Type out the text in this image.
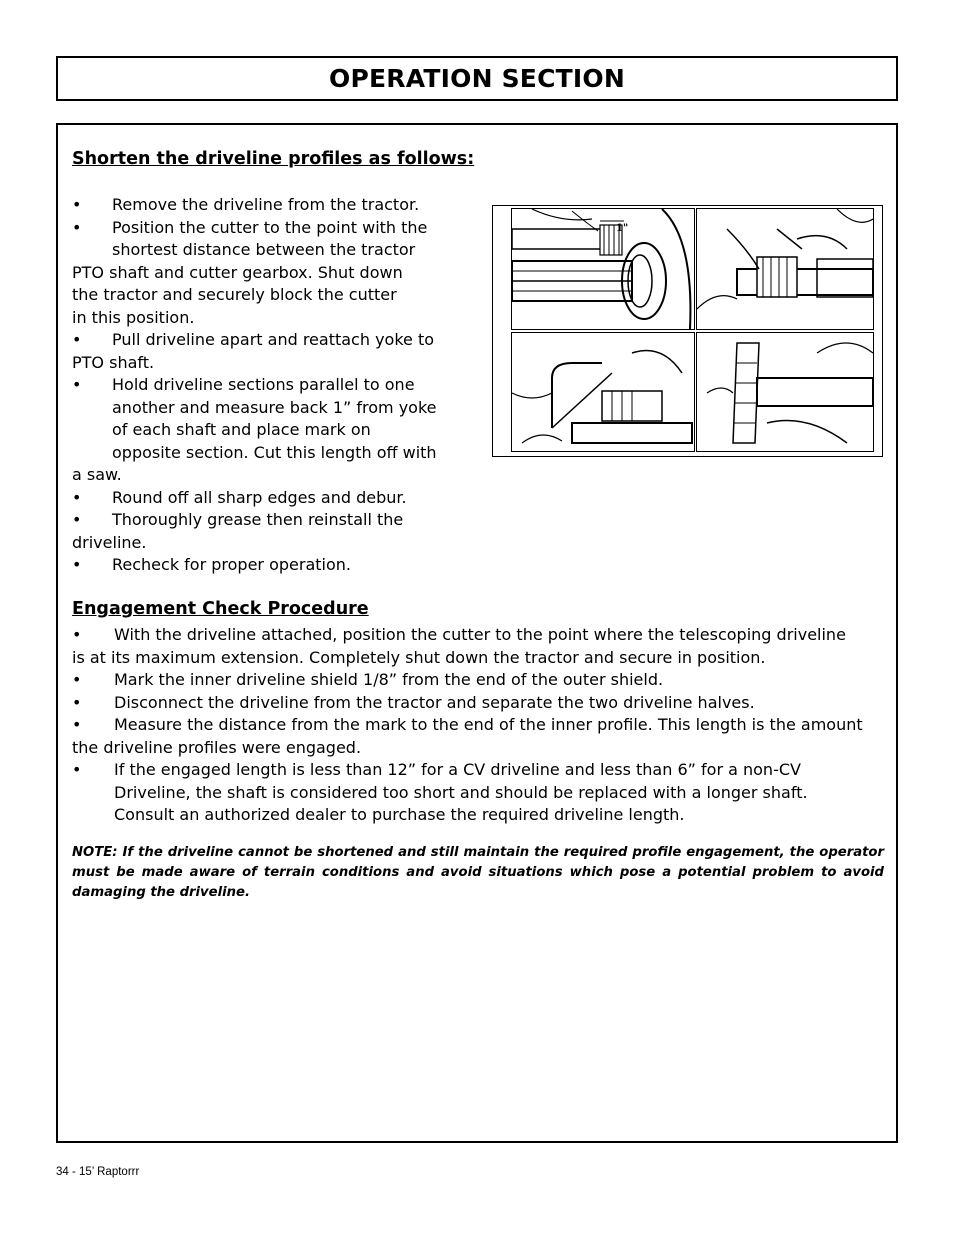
OPERATION SECTION
Shorten the driveline profiles as follows:
• Remove the driveline from the tractor.
• Position the cutter to the point with the
shortest distance between the tractor
PTO shaft and cutter gearbox. Shut down
the tractor and securely block the cutter
in this position.
• Pull driveline apart and reattach yoke to
PTO shaft.
• Hold driveline sections parallel to one
another and measure back 1” from yoke
of each shaft and place mark on
opposite section. Cut this length off with
a saw.
• Round off all sharp edges and debur.
• Thoroughly grease then reinstall the
driveline.
• Recheck for proper operation.
1"
Engagement Check Procedure
• With the driveline attached, position the cutter to the point where the telescoping driveline
is at its maximum extension. Completely shut down the tractor and secure in position.
• Mark the inner driveline shield 1/8” from the end of the outer shield.
• Disconnect the driveline from the tractor and separate the two driveline halves.
• Measure the distance from the mark to the end of the inner profile. This length is the amount
the driveline profiles were engaged.
• If the engaged length is less than 12” for a CV driveline and less than 6” for a non-CV
Driveline, the shaft is considered too short and should be replaced with a longer shaft.
Consult an authorized dealer to purchase the required driveline length.

NOTE: If the driveline cannot be shortened and still maintain the required profile engagement, the operator must be made aware of terrain conditions and avoid situations which pose a potential problem to avoid damaging the driveline.

34 - 15’ Raptorrr
